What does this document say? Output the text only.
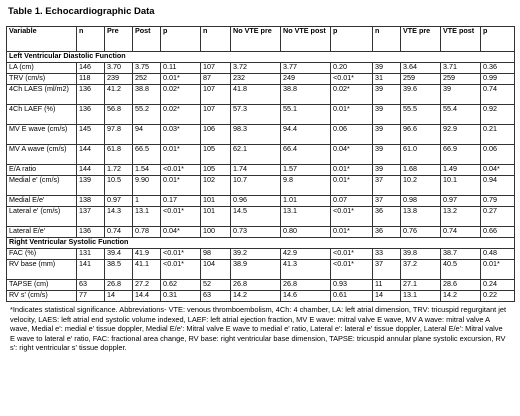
Table 1. Echocardiographic Data
Variable	n	Pre	Post	p	n	No VTE pre	No VTE post	p	n	VTE pre	VTE post	p
Left Ventricular Diastolic Function												
LA (cm)	146	3.70	3.75	0.11	107	3.72	3.77	0.20	39	3.64	3.71	0.36
TRV (cm/s)	118	239	252	0.01*	87	232	249	<0.01*	31	259	259	0.99
4Ch LAES (ml/m2)	136	41.2	38.8	0.02*	107	41.8	38.8	0.02*	39	39.6	39	0.74
4Ch LAEF (%)	136	56.8	55.2	0.02*	107	57.3	55.1	0.01*	39	55.5	55.4	0.92
MV E wave (cm/s)	145	97.8	94	0.03*	106	98.3	94.4	0.06	39	96.6	92.9	0.21
MV A wave (cm/s)	144	61.8	66.5	0.01*	105	62.1	66.4	0.04*	39	61.0	66.9	0.06
E/A ratio	144	1.72	1.54	<0.01*	105	1.74	1.57	0.01*	39	1.68	1.49	0.04*
Medial e' (cm/s)	139	10.5	9.90	0.01*	102	10.7	9.8	0.01*	37	10.2	10.1	0.94
Medial E/e'	138	0.97	1	0.17	101	0.96	1.01	0.07	37	0.98	0.97	0.79
Lateral e' (cm/s)	137	14.3	13.1	<0.01*	101	14.5	13.1	<0.01*	36	13.8	13.2	0.27
Lateral E/e'	136	0.74	0.78	0.04*	100	0.73	0.80	0.01*	36	0.76	0.74	0.66
Right Ventricular Systolic Function												
FAC (%)	131	39.4	41.9	<0.01*	98	39.2	42.9	<0.01*	33	39.8	38.7	0.48
RV base (mm)	141	38.5	41.1	<0.01*	104	38.9	41.3	<0.01*	37	37.2	40.5	0.01*
TAPSE (cm)	63	26.8	27.2	0.62	52	26.8	26.8	0.93	11	27.1	28.6	0.24
RV s' (cm/s)	77	14	14.4	0.31	63	14.2	14.6	0.61	14	13.1	14.2	0.22

*Indicates statistical significance. Abbreviations- VTE: venous thromboembolism, 4Ch: 4 chamber, LA: left atrial dimension, TRV: tricuspid regurgitant jet velocity, LAES: left atrial end systolic volume indexed, LAEF: left atrial ejection fraction, MV E wave: mitral valve E wave, MV A wave: mitral valve A wave, Medial e': medial e' tissue doppler, Medial E/e': Mitral valve E wave to medial e' ratio, Lateral e': lateral e' tissue doppler, Lateral E/e': Mitral valve E wave to lateral e' ratio, FAC: fractional area change, RV base: right ventricular base dimension, TAPSE: tricuspid annular plane systolic excursion, RV s': right ventricular s' tissue doppler.
